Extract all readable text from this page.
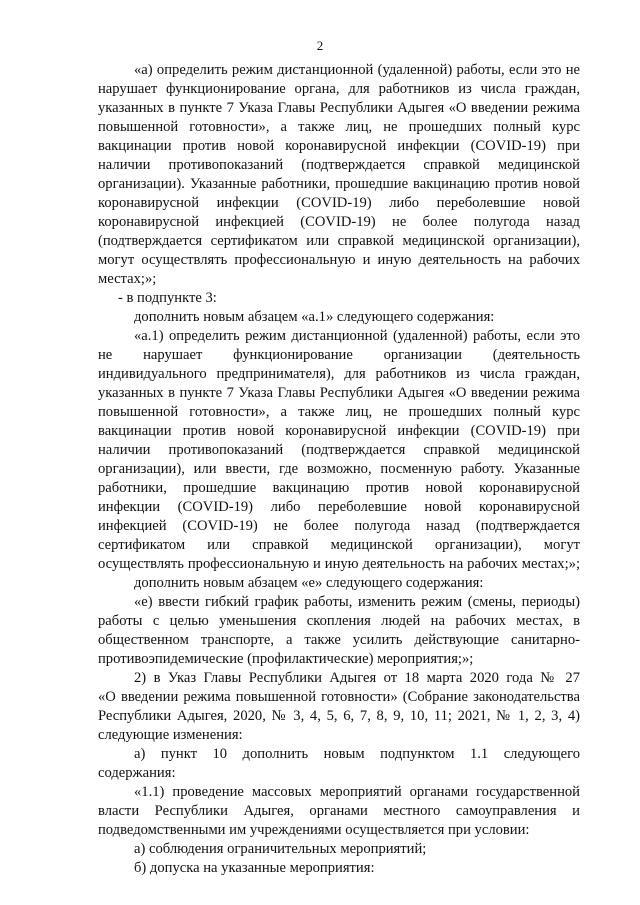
2
«а) определить режим дистанционной (удаленной) работы, если это не
нарушает функционирование органа, для работников из числа граждан,
указанных в пункте 7 Указа Главы Республики Адыгея «О введении режима
повышенной готовности», а также лиц, не прошедших полный курс
вакцинации против новой коронавирусной инфекции (COVID-19) при
наличии противопоказаний (подтверждается справкой медицинской
организации). Указанные работники, прошедшие вакцинацию против новой
коронавирусной инфекции (COVID-19) либо переболевшие новой
коронавирусной инфекцией (COVID-19) не более полугода назад
(подтверждается сертификатом или справкой медицинской организации),
могут осуществлять профессиональную и иную деятельность на рабочих
местах;»;
- в подпункте 3:
дополнить новым абзацем «а.1» следующего содержания:
«а.1) определить режим дистанционной (удаленной) работы, если это
не нарушает функционирование организации (деятельность
индивидуального предпринимателя), для работников из числа граждан,
указанных в пункте 7 Указа Главы Республики Адыгея «О введении режима
повышенной готовности», а также лиц, не прошедших полный курс
вакцинации против новой коронавирусной инфекции (COVID-19) при
наличии противопоказаний (подтверждается справкой медицинской
организации), или ввести, где возможно, посменную работу. Указанные
работники, прошедшие вакцинацию против новой коронавирусной
инфекции (COVID-19) либо переболевшие новой коронавирусной
инфекцией (COVID-19) не более полугода назад (подтверждается
сертификатом или справкой медицинской организации), могут
осуществлять профессиональную и иную деятельность на рабочих местах;»;
дополнить новым абзацем «е» следующего содержания:
«е) ввести гибкий график работы, изменить режим (смены, периоды)
работы с целью уменьшения скопления людей на рабочих местах, в
общественном транспорте, а также усилить действующие санитарно-
противоэпидемические (профилактические) мероприятия;»;
2) в Указ Главы Республики Адыгея от 18 марта 2020 года № 27
«О введении режима повышенной готовности» (Собрание законодательства
Республики Адыгея, 2020, № 3, 4, 5, 6, 7, 8, 9, 10, 11; 2021, № 1, 2, 3, 4)
следующие изменения:
а) пункт 10 дополнить новым подпунктом 1.1 следующего
содержания:
«1.1) проведение массовых мероприятий органами государственной
власти Республики Адыгея, органами местного самоуправления и
подведомственными им учреждениями осуществляется при условии:
а) соблюдения ограничительных мероприятий;
б) допуска на указанные мероприятия:
